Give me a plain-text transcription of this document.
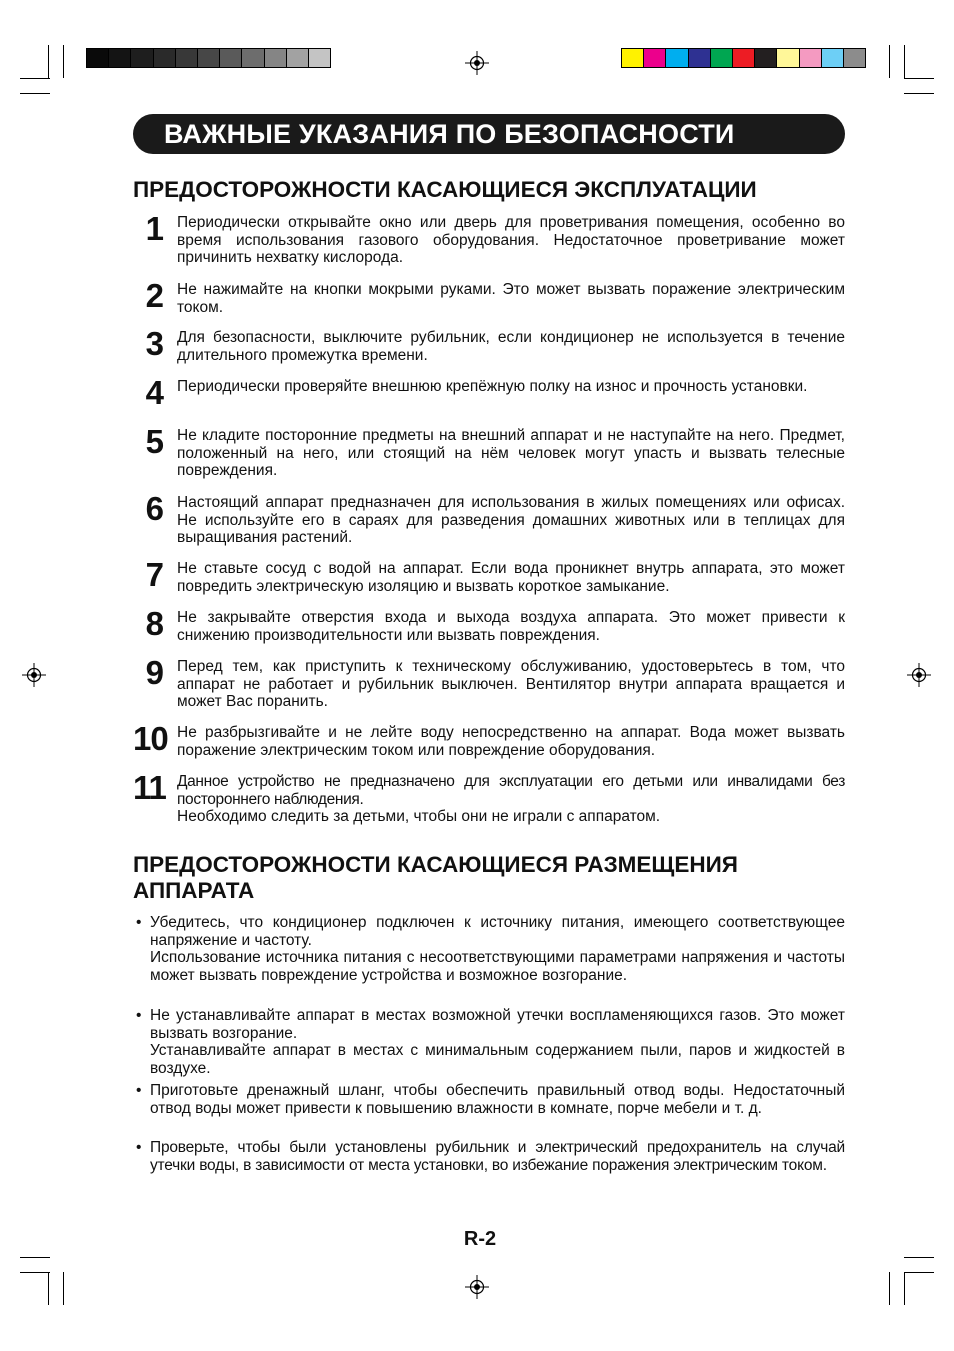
ВАЖНЫЕ УКАЗАНИЯ ПО БЕЗОПАСНОСТИ
ПРЕДОСТОРОЖНОСТИ КАСАЮЩИЕСЯ ЭКСПЛУАТАЦИИ
1 Периодически открывайте окно или дверь для проветривания помещения, особенно во время использования газового оборудования. Недостаточное проветривание может причинить нехватку кислорода.

2 Не нажимайте на кнопки мокрыми руками. Это может вызвать поражение электрическим током.

3 Для безопасности, выключите рубильник, если кондиционер не используется в течение длительного промежутка времени.

4 Периодически проверяйте внешнюю крепёжную полку на износ и прочность установки.

5 Не кладите посторонние предметы на внешний аппарат и не наступайте на него. Предмет, положенный на него, или стоящий на нём человек могут упасть и вызвать телесные повреждения.

6 Настоящий аппарат предназначен для использования в жилых помещениях или офисах. Не используйте его в сараях для разведения домашних животных или в теплицах для выращивания растений.

7 Не ставьте сосуд с водой на аппарат. Если вода проникнет внутрь аппарата, это может повредить электрическую изоляцию и вызвать короткое замыкание.

8 Не закрывайте отверстия входа и выхода воздуха аппарата. Это может привести к снижению производительности или вызвать повреждения.

9 Перед тем, как приступить к техническому обслуживанию, удостоверьтесь в том, что аппарат не работает и рубильник выключен. Вентилятор внутри аппарата вращается и может Вас поранить.

10 Не разбрызгивайте и не лейте воду непосредственно на аппарат. Вода может вызвать поражение электрическим током или повреждение оборудования.

11 Данное устройство не предназначено для эксплуатации его детьми или инвалидами без постороннего наблюдения.

Необходимо следить за детьми, чтобы они не играли с аппаратом.

ПРЕДОСТОРОЖНОСТИ КАСАЮЩИЕСЯ РАЗМЕЩЕНИЯ АППАРАТА
• Убедитесь, что кондиционер подключен к источнику питания, имеющего соответствующее напряжение и частоту.

Использование источника питания с несоответствующими параметрами напряжения и частоты может вызвать повреждение устройства и возможное возгорание.

• Не устанавливайте аппарат в местах возможной утечки воспламеняющихся газов. Это может вызвать возгорание.

Устанавливайте аппарат в местах с минимальным содержанием пыли, паров и жидкостей в воздухе.

• Приготовьте дренажный шланг, чтобы обеспечить правильный отвод воды. Недостаточный отвод воды может привести к повышению влажности в комнате, порче мебели и т. д.

• Проверьте, чтобы были установлены рубильник и электрический предохранитель на случай утечки воды, в зависимости от места установки, во избежание поражения электрическим током.

R-2
